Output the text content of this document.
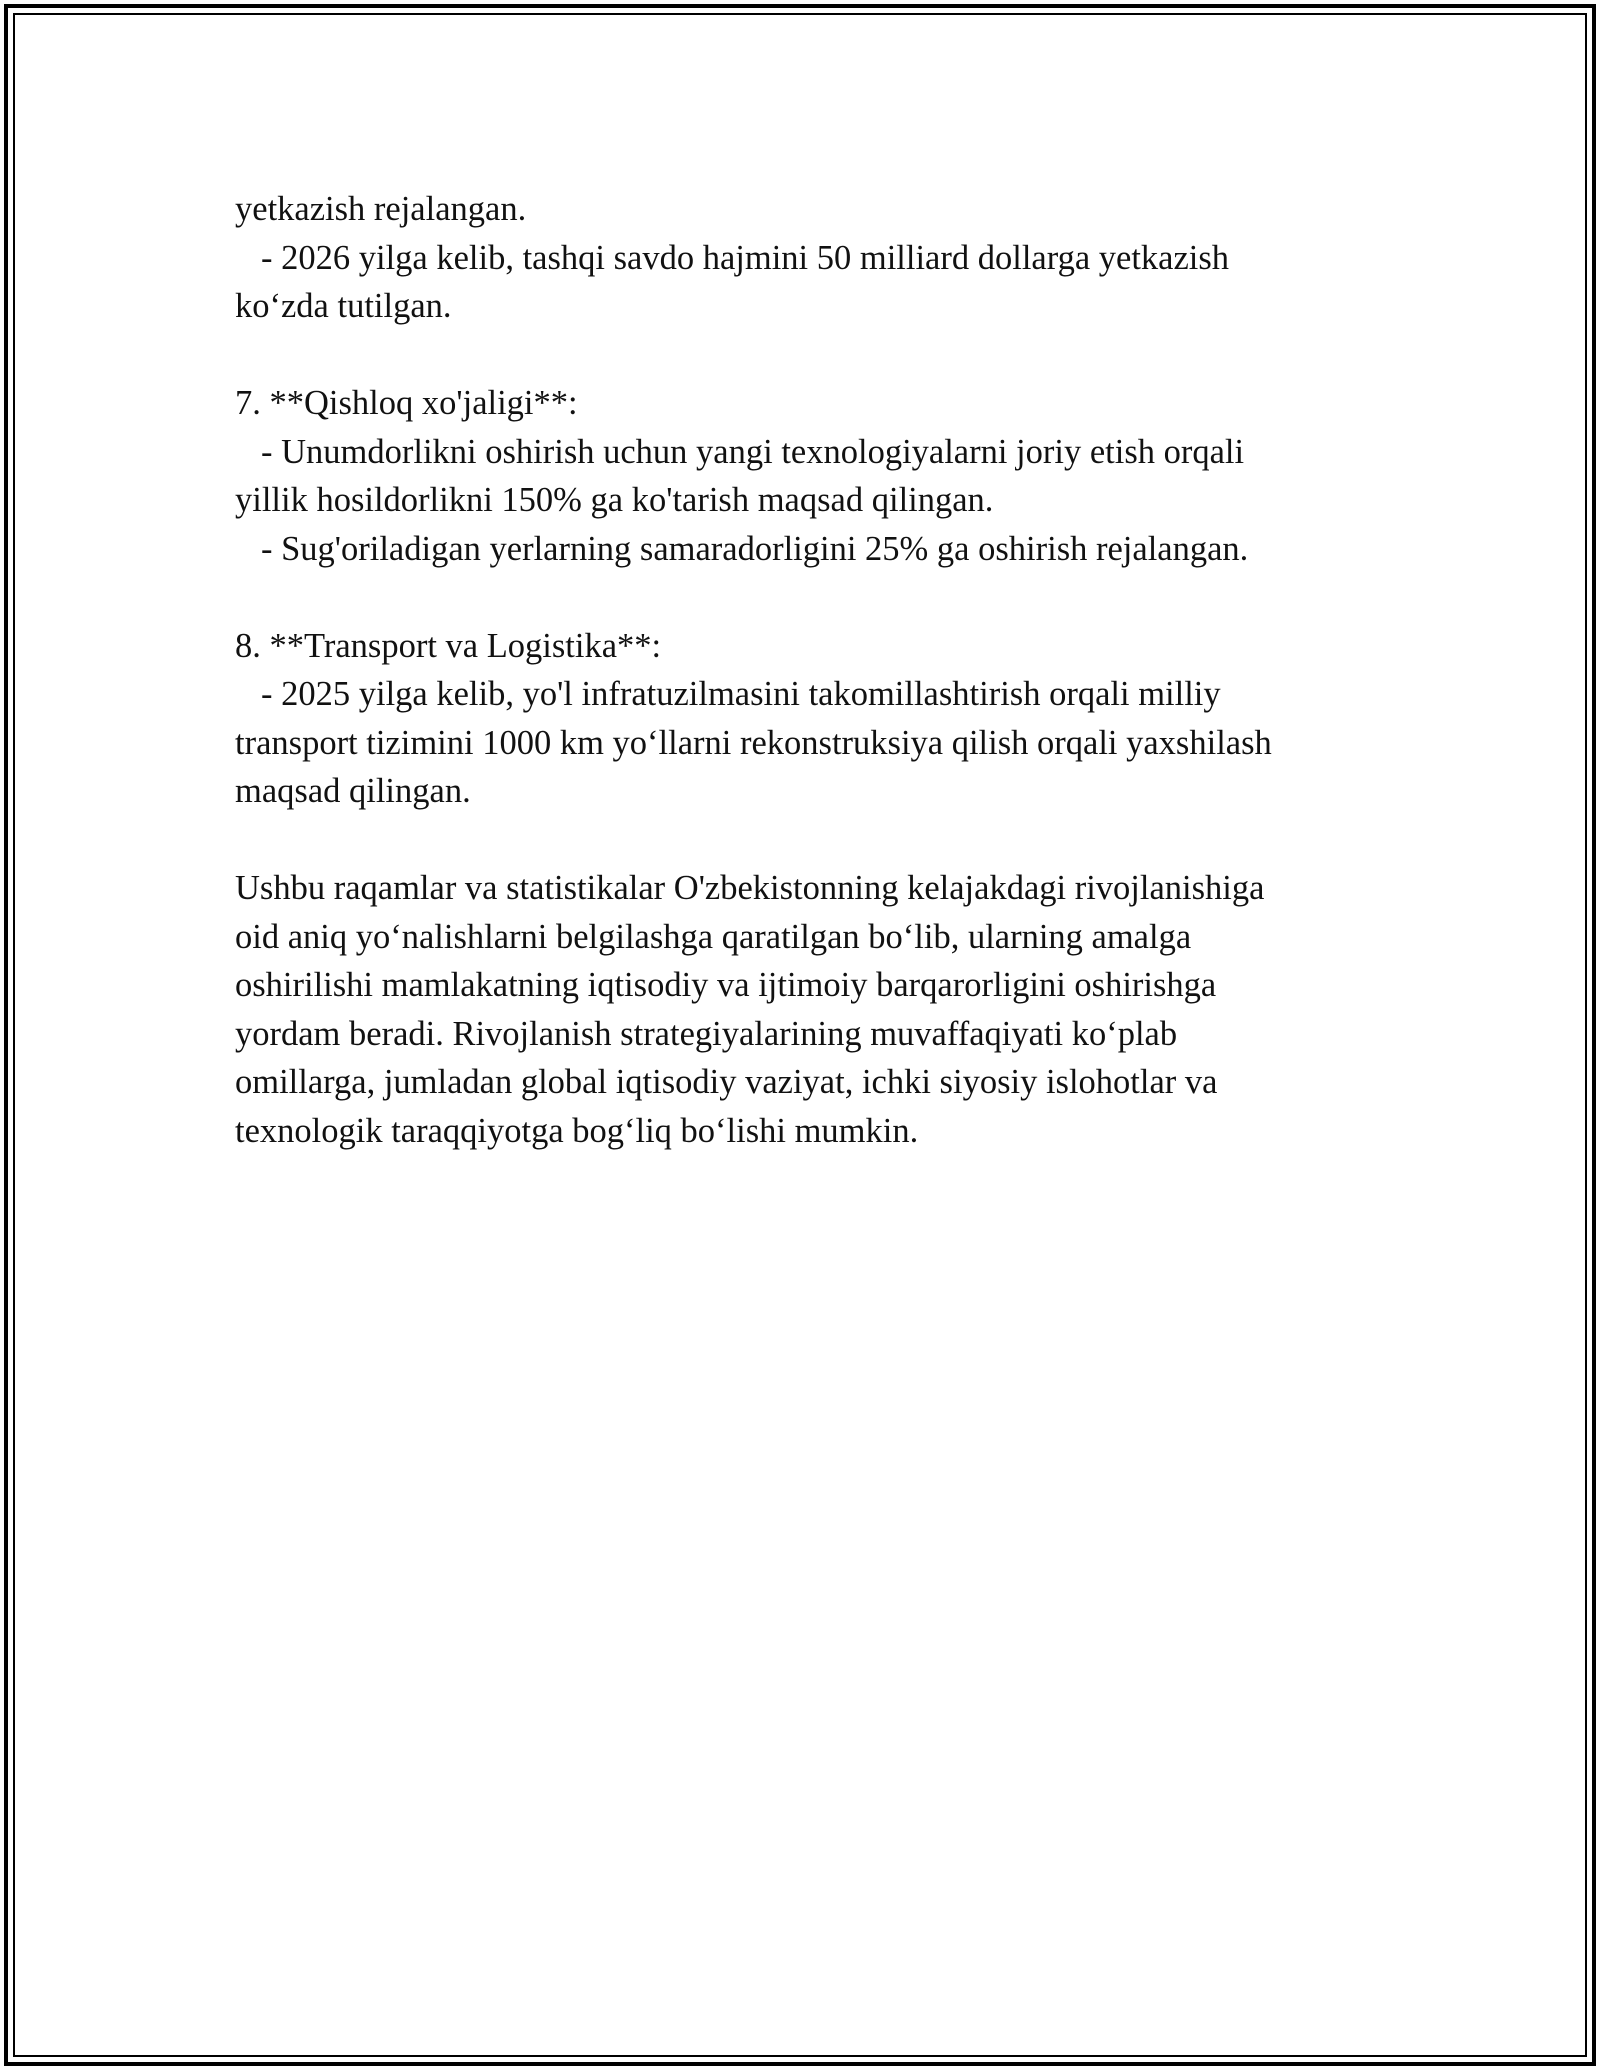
yetkazish rejalangan.

- 2026 yilga kelib, tashqi savdo hajmini 50 milliard dollarga yetkazish

ko‘zda tutilgan.

7. **Qishloq xo'jaligi**:

- Unumdorlikni oshirish uchun yangi texnologiyalarni joriy etish orqali

yillik hosildorlikni 150% ga ko'tarish maqsad qilingan.

- Sug'oriladigan yerlarning samaradorligini 25% ga oshirish rejalangan.

8. **Transport va Logistika**:

- 2025 yilga kelib, yo'l infratuzilmasini takomillashtirish orqali milliy

transport tizimini 1000 km yo‘llarni rekonstruksiya qilish orqali yaxshilash

maqsad qilingan.

Ushbu raqamlar va statistikalar O'zbekistonning kelajakdagi rivojlanishiga

oid aniq yo‘nalishlarni belgilashga qaratilgan bo‘lib, ularning amalga

oshirilishi mamlakatning iqtisodiy va ijtimoiy barqarorligini oshirishga

yordam beradi. Rivojlanish strategiyalarining muvaffaqiyati ko‘plab

omillarga, jumladan global iqtisodiy vaziyat, ichki siyosiy islohotlar va

texnologik taraqqiyotga bog‘liq bo‘lishi mumkin.
